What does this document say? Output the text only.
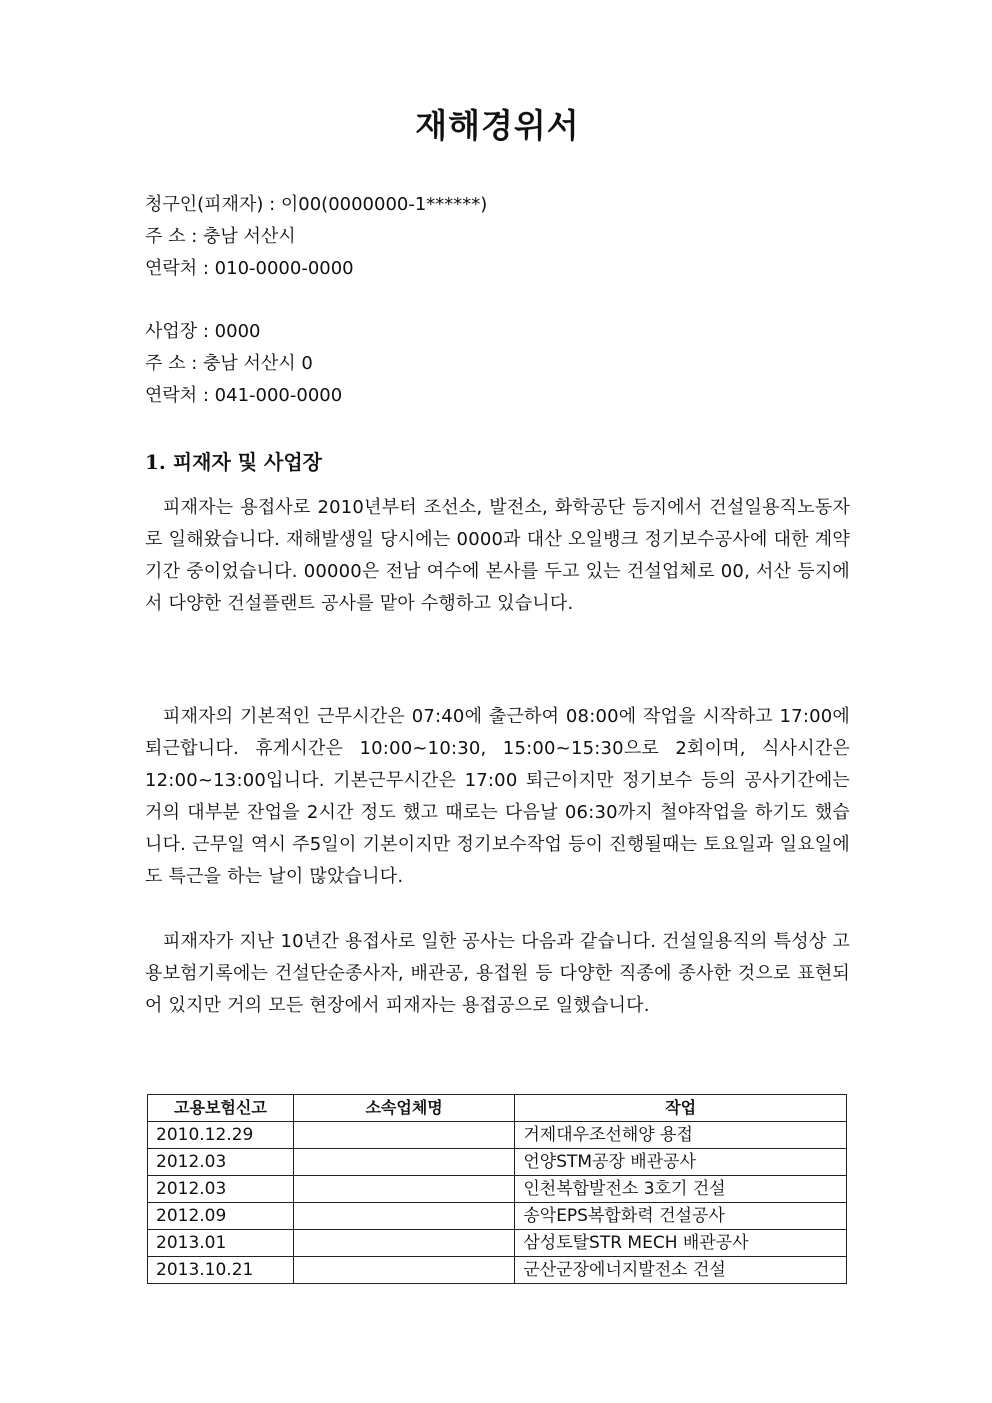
재해경위서
청구인(피재자) : 이00(0000000-1******)
주 소 : 충남 서산시
연락처 : 010-0000-0000
사업장 : 0000
주 소 : 충남 서산시 0
연락처 : 041-000-0000
1. 피재자 및 사업장

피재자는 용접사로 2010년부터 조선소, 발전소, 화학공단 등지에서 건설일용직노동자로 일해왔습니다. 재해발생일 당시에는 0000과 대산 오일뱅크 정기보수공사에 대한 계약기간 중이었습니다. 00000은 전남 여수에 본사를 두고 있는 건설업체로 00, 서산 등지에서 다양한 건설플랜트 공사를 맡아 수행하고 있습니다.

피재자의 기본적인 근무시간은 07:40에 출근하여 08:00에 작업을 시작하고 17:00에 퇴근합니다. 휴게시간은 10:00~10:30, 15:00~15:30으로 2회이며, 식사시간은 12:00~13:00입니다. 기본근무시간은 17:00 퇴근이지만 정기보수 등의 공사기간에는 거의 대부분 잔업을 2시간 정도 했고 때로는 다음날 06:30까지 철야작업을 하기도 했습니다. 근무일 역시 주5일이 기본이지만 정기보수작업 등이 진행될때는 토요일과 일요일에도 특근을 하는 날이 많았습니다.

피재자가 지난 10년간 용접사로 일한 공사는 다음과 같습니다. 건설일용직의 특성상 고용보험기록에는 건설단순종사자, 배관공, 용접원 등 다양한 직종에 종사한 것으로 표현되어 있지만 거의 모든 현장에서 피재자는 용접공으로 일했습니다.

고용보험신고	소속업체명	작업
2010.12.29		거제대우조선해양 용접
2012.03		언양STM공장 배관공사
2012.03		인천복합발전소 3호기 건설
2012.09		송악EPS복합화력 건설공사
2013.01		삼성토탈STR MECH 배관공사
2013.10.21		군산군장에너지발전소 건설
